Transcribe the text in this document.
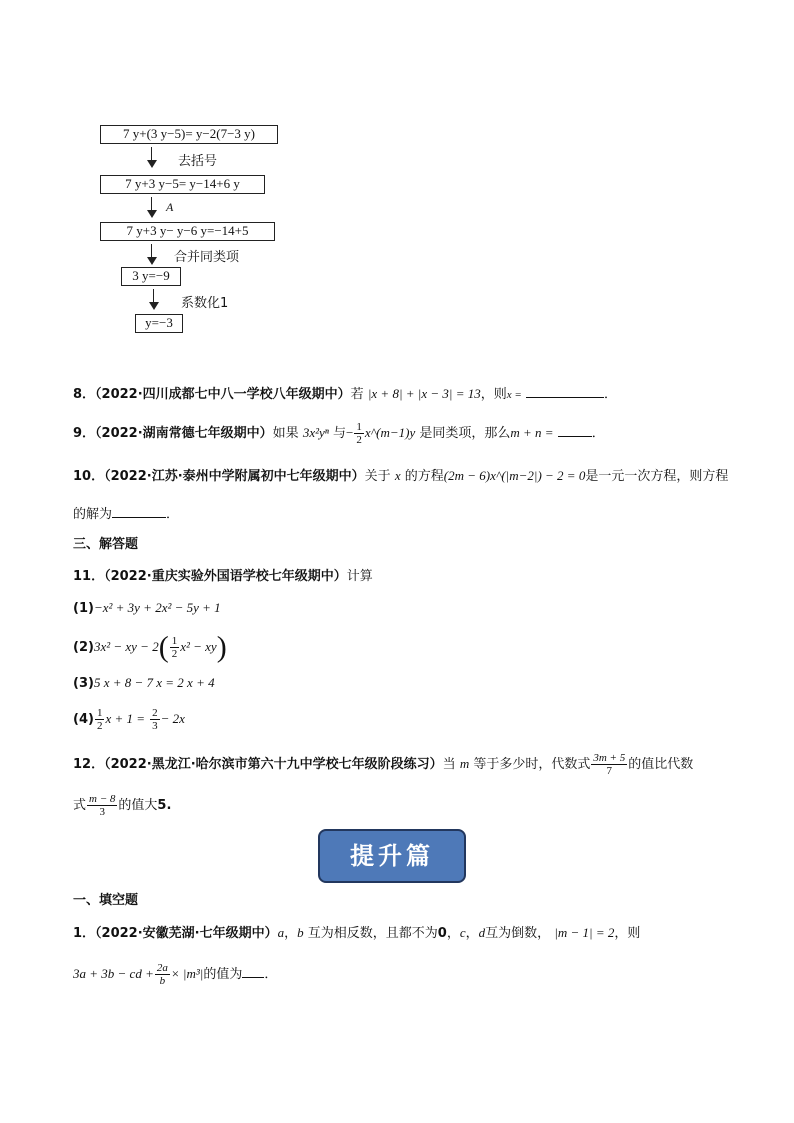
7 y+(3 y−5)= y−2(7−3 y)
去括号
7 y+3 y−5= y−14+6 y
A
7 y+3 y− y−6 y=−14+5
合并同类项
3 y=−9
系数化1
y=−3
8．（2022·四川成都七中八一学校八年级期中）若 |x + 8| + |x − 3| = 13，则x =	．
9．（2022·湖南常德七年级期中）如果 3x²yⁿ 与− $\frac{1}{2}$ x^(m−1)y 是同类项，那么m + n =	．
10．（2022·江苏·泰州中学附属初中七年级期中）关于 x 的方程(2m − 6)x^(|m−2|) − 2 = 0是一元一次方程，则方程
的解为	．
三、解答题
11．（2022·重庆实验外国语学校七年级期中）计算
(1)−x² + 3y + 2x² − 5y + 1
(2)3x² − xy − $2( \frac{1}{2} x^2 - xy)$
(3)5 x + 8 − 7 x = 2 x + 4
$(4) \frac{1}{2}$ $x + 1 = \frac{2}{3} - 2x$
12．（2022·黑龙江·哈尔滨市第六十九中学校七年级阶段练习）当 m 等于多少时，代数式 $\frac{3m + 5}{7}$ 的值比代数
式 $\frac{m - 8}{3}$ 的值大5.
提升篇
一、填空题
1．（2022·安徽芜湖·七年级期中）a，b 互为相反数，且都不为0，c，d互为倒数， |m − 1| = 2，则
3a + 3b − cd + $\frac{2a}{b} \times |m^3|$的值为 ．
